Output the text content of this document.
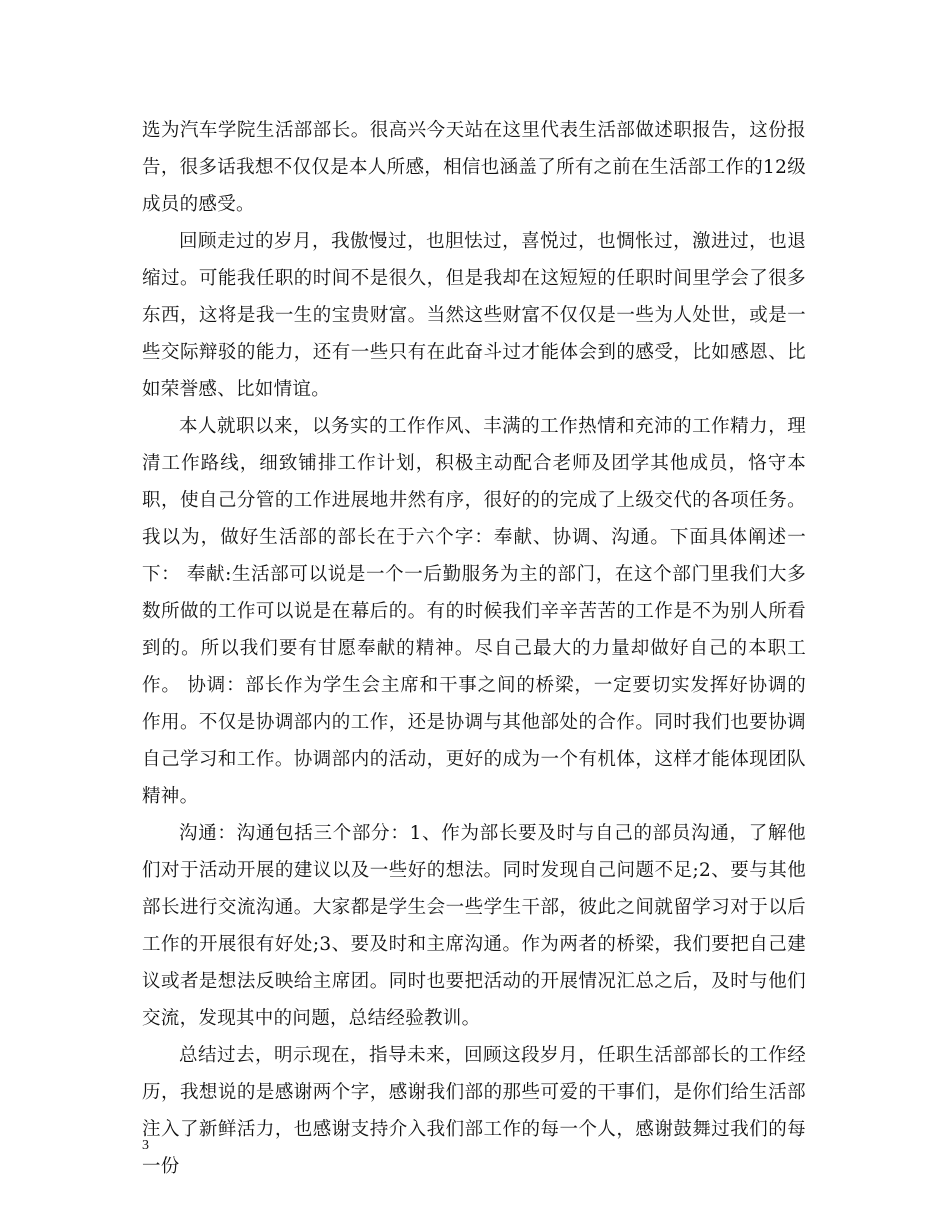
选为汽车学院生活部部长。很高兴今天站在这里代表生活部做述职报告，这份报告，很多话我想不仅仅是本人所感，相信也涵盖了所有之前在生活部工作的12级成员的感受。

回顾走过的岁月，我傲慢过，也胆怯过，喜悦过，也惆怅过，激进过，也退缩过。可能我任职的时间不是很久，但是我却在这短短的任职时间里学会了很多东西，这将是我一生的宝贵财富。当然这些财富不仅仅是一些为人处世，或是一些交际辩驳的能力，还有一些只有在此奋斗过才能体会到的感受，比如感恩、比如荣誉感、比如情谊。

本人就职以来，以务实的工作作风、丰满的工作热情和充沛的工作精力，理清工作路线，细致铺排工作计划，积极主动配合老师及团学其他成员，恪守本职，使自己分管的工作进展地井然有序，很好的的完成了上级交代的各项任务。我以为，做好生活部的部长在于六个字：奉献、协调、沟通。下面具体阐述一下： 奉献:生活部可以说是一个一后勤服务为主的部门，在这个部门里我们大多数所做的工作可以说是在幕后的。有的时候我们辛辛苦苦的工作是不为别人所看到的。所以我们要有甘愿奉献的精神。尽自己最大的力量却做好自己的本职工作。 协调：部长作为学生会主席和干事之间的桥梁，一定要切实发挥好协调的作用。不仅是协调部内的工作，还是协调与其他部处的合作。同时我们也要协调自己学习和工作。协调部内的活动，更好的成为一个有机体，这样才能体现团队精神。

沟通：沟通包括三个部分：1、作为部长要及时与自己的部员沟通，了解他们对于活动开展的建议以及一些好的想法。同时发现自己问题不足;2、要与其他部长进行交流沟通。大家都是学生会一些学生干部，彼此之间就留学习对于以后工作的开展很有好处;3、要及时和主席沟通。作为两者的桥梁，我们要把自己建议或者是想法反映给主席团。同时也要把活动的开展情况汇总之后，及时与他们交流，发现其中的问题，总结经验教训。

总结过去，明示现在，指导未来，回顾这段岁月，任职生活部部长的工作经历，我想说的是感谢两个字，感谢我们部的那些可爱的干事们，是你们给生活部注入了新鲜活力，也感谢支持介入我们部工作的每一个人，感谢鼓舞过我们的每一份

3
